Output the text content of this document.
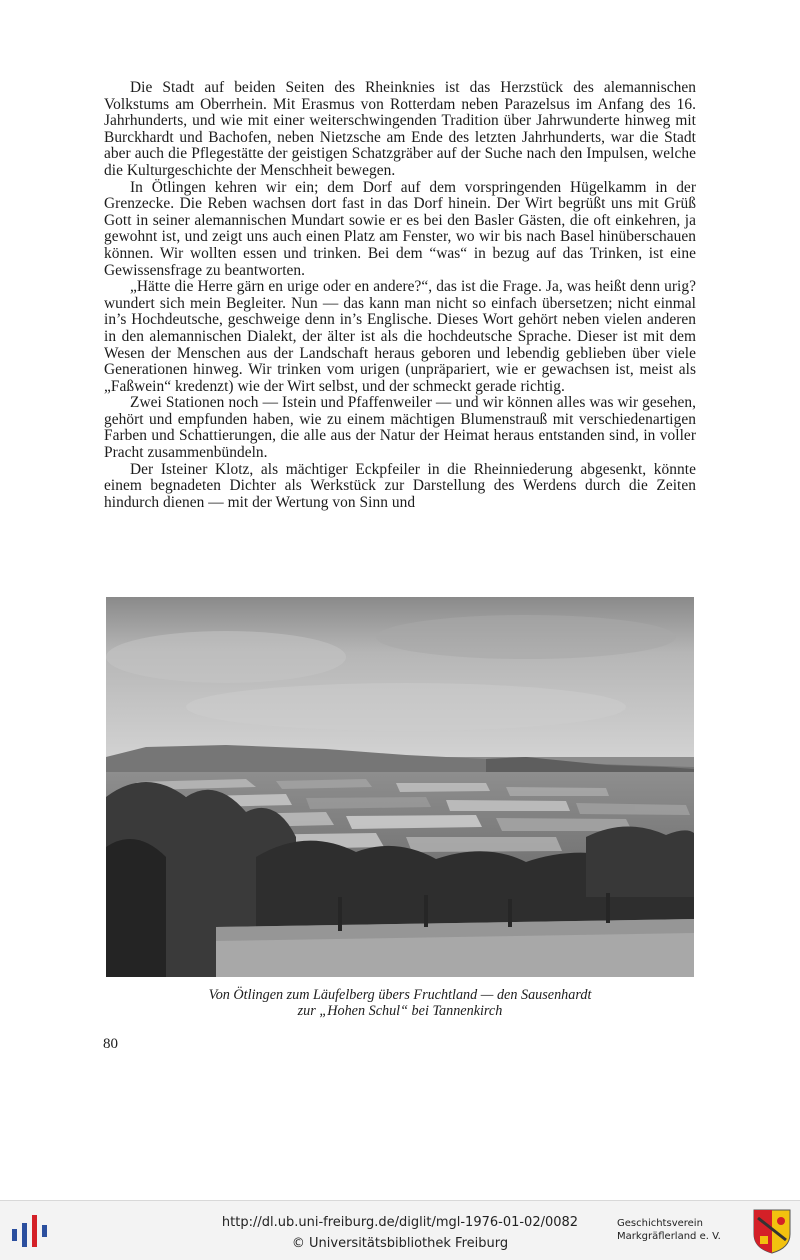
Die Stadt auf beiden Seiten des Rheinknies ist das Herzstück des alemannischen Volkstums am Oberrhein. Mit Erasmus von Rotterdam neben Parazelsus im Anfang des 16. Jahrhunderts, und wie mit einer weiterschwingenden Tradition über Jahrwunderte hinweg mit Burckhardt und Bachofen, neben Nietzsche am Ende des letzten Jahrhunderts, war die Stadt aber auch die Pflegestätte der geistigen Schatzgräber auf der Suche nach den Impulsen, welche die Kulturgeschichte der Menschheit bewegen.

In Ötlingen kehren wir ein; dem Dorf auf dem vorspringenden Hügelkamm in der Grenzecke. Die Reben wachsen dort fast in das Dorf hinein. Der Wirt begrüßt uns mit Grüß Gott in seiner alemannischen Mundart sowie er es bei den Basler Gästen, die oft einkehren, ja gewohnt ist, und zeigt uns auch einen Platz am Fenster, wo wir bis nach Basel hinüberschauen können. Wir wollten essen und trinken. Bei dem “was“ in bezug auf das Trinken, ist eine Gewissensfrage zu beantworten.

„Hätte die Herre gärn en urige oder en andere?“, das ist die Frage. Ja, was heißt denn urig? wundert sich mein Begleiter. Nun — das kann man nicht so einfach übersetzen; nicht einmal in’s Hochdeutsche, geschweige denn in’s Englische. Dieses Wort gehört neben vielen anderen in den alemannischen Dialekt, der älter ist als die hochdeutsche Sprache. Dieser ist mit dem Wesen der Menschen aus der Landschaft heraus geboren und lebendig geblieben über viele Generationen hinweg. Wir trinken vom urigen (unpräpariert, wie er gewachsen ist, meist als „Faßwein“ kredenzt) wie der Wirt selbst, und der schmeckt gerade richtig.

Zwei Stationen noch — Istein und Pfaffenweiler — und wir können alles was wir gesehen, gehört und empfunden haben, wie zu einem mächtigen Blumenstrauß mit verschiedenartigen Farben und Schattierungen, die alle aus der Natur der Heimat heraus entstanden sind, in voller Pracht zusammenbündeln.

Der Isteiner Klotz, als mächtiger Eckpfeiler in die Rheinniederung abgesenkt, könnte einem begnadeten Dichter als Werkstück zur Darstellung des Werdens durch die Zeiten hindurch dienen — mit der Wertung von Sinn und

Von Ötlingen zum Läufelberg übers Fruchtland — den Sausenhardt
zur „Hohen Schul“ bei Tannenkirch
80
http://dl.ub.uni-freiburg.de/diglit/mgl-1976-01-02/0082
© Universitätsbibliothek Freiburg
Geschichtsverein
Markgräflerland e. V.
